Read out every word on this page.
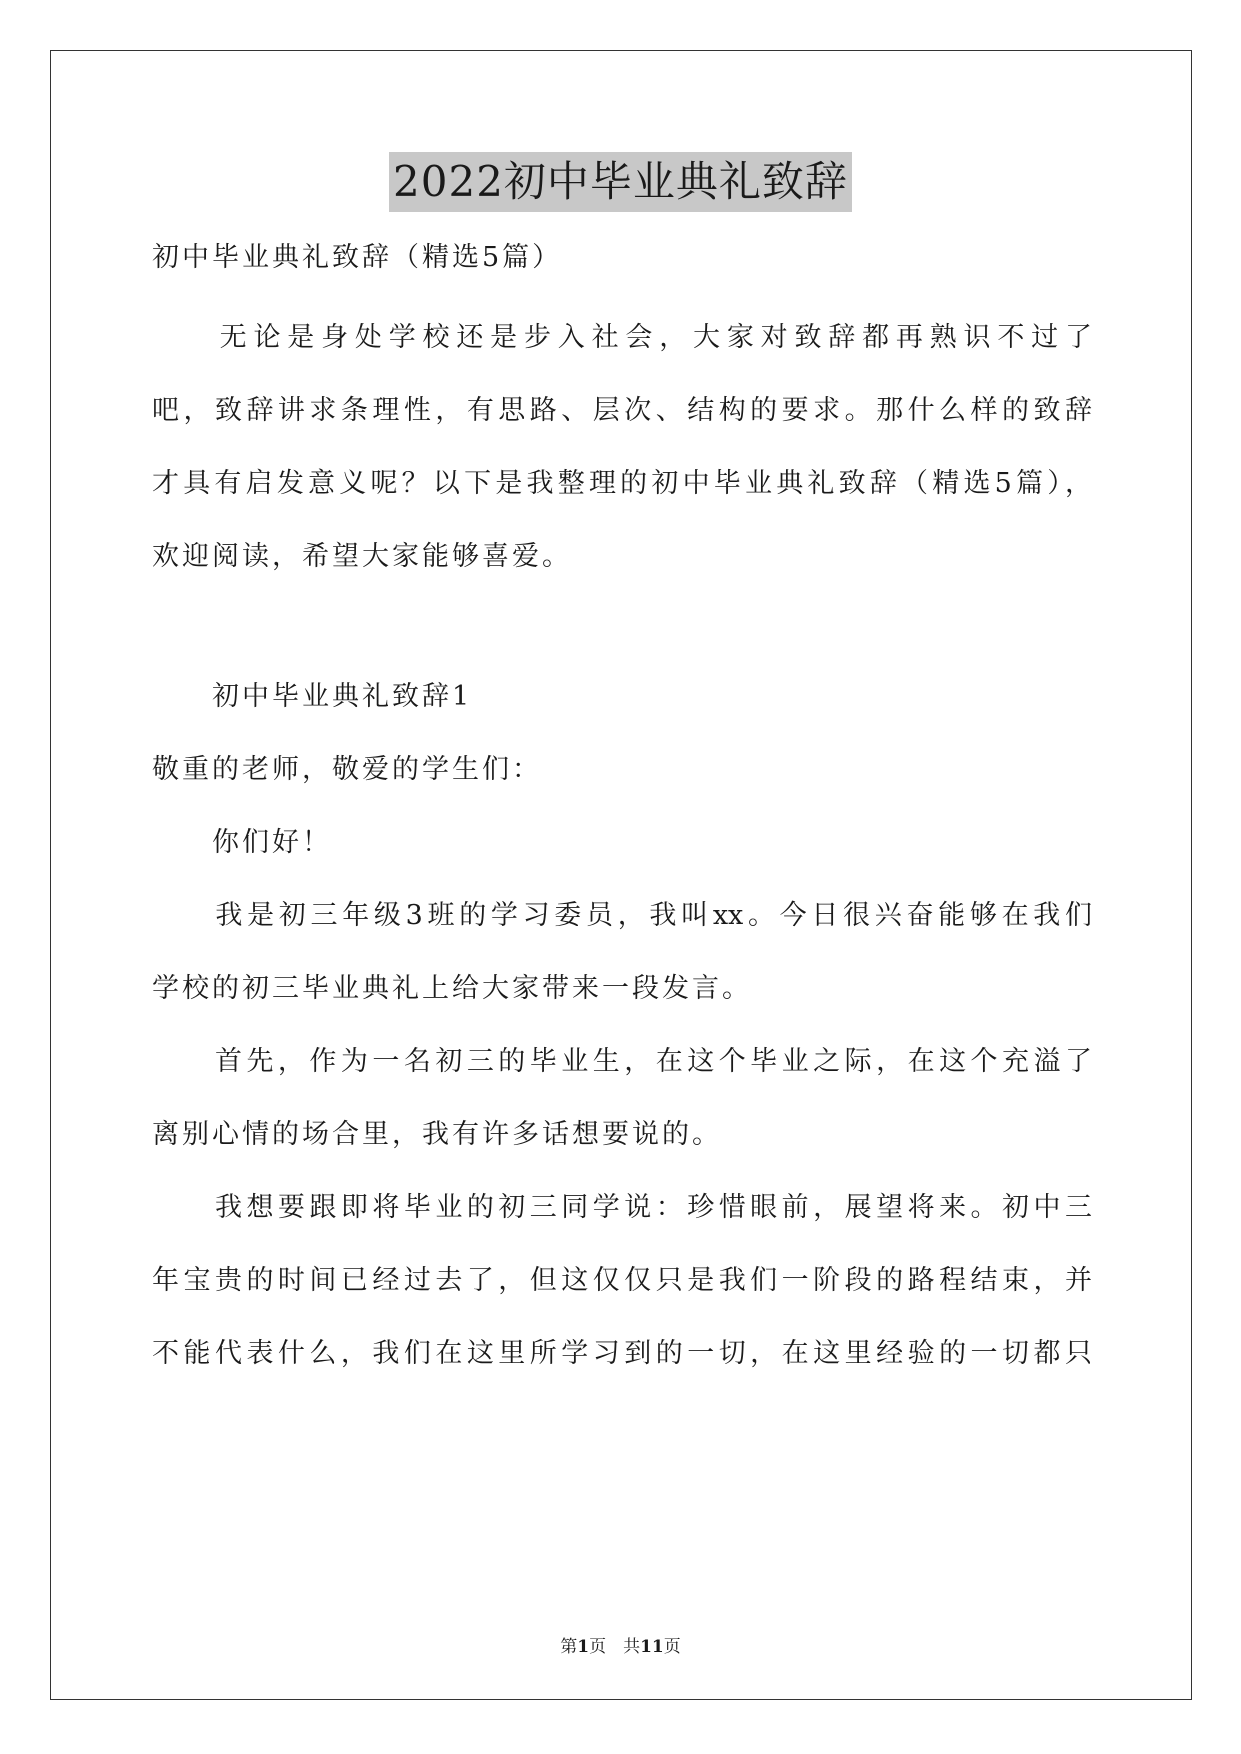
2022初中毕业典礼致辞
初中毕业典礼致辞（精选5篇）
　　无论是身处学校还是步入社会，大家对致辞都再熟识不过了
吧，致辞讲求条理性，有思路、层次、结构的要求。那什么样的致辞
才具有启发意义呢？以下是我整理的初中毕业典礼致辞（精选5篇），
欢迎阅读，希望大家能够喜爱。
　　初中毕业典礼致辞1
敬重的老师，敬爱的学生们：
　　你们好！
　　我是初三年级3班的学习委员，我叫xx。今日很兴奋能够在我们
学校的初三毕业典礼上给大家带来一段发言。
　　首先，作为一名初三的毕业生，在这个毕业之际，在这个充溢了
离别心情的场合里，我有许多话想要说的。
　　我想要跟即将毕业的初三同学说：珍惜眼前，展望将来。初中三
年宝贵的时间已经过去了，但这仅仅只是我们一阶段的路程结束，并
不能代表什么，我们在这里所学习到的一切，在这里经验的一切都只
第1页　共11页
